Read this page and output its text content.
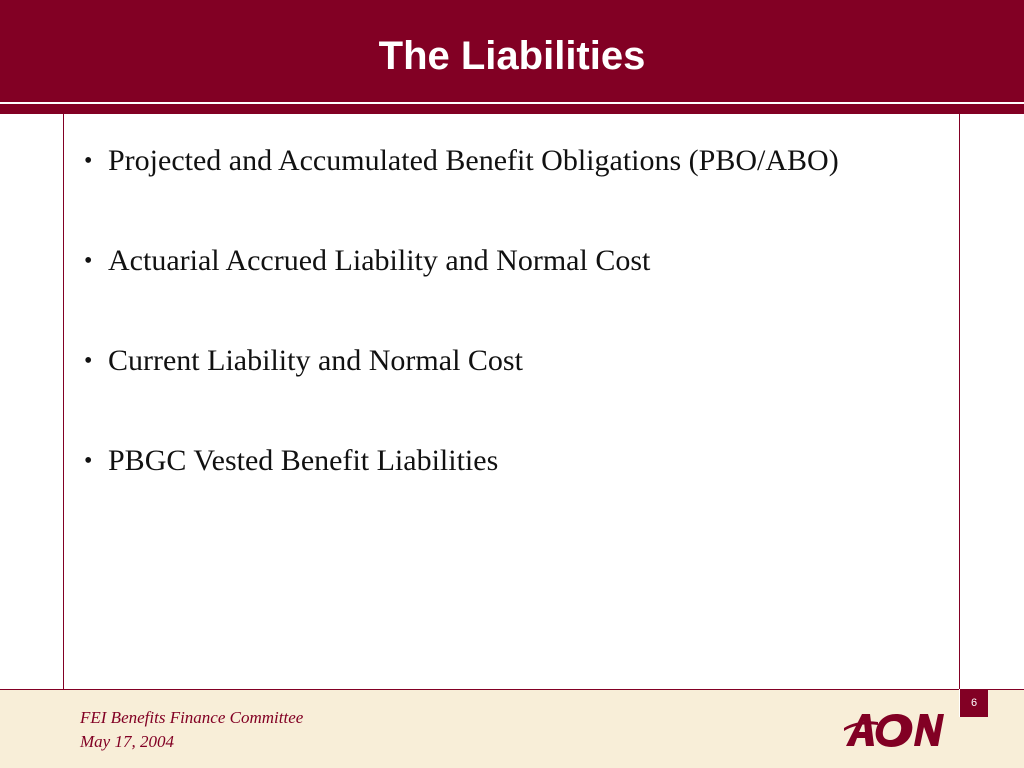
The Liabilities
• Projected and Accumulated Benefit Obligations (PBO/ABO)
• Actuarial Accrued Liability and Normal Cost
• Current Liability and Normal Cost
• PBGC Vested Benefit Liabilities
FEI Benefits Finance Committee
May 17, 2004
6
